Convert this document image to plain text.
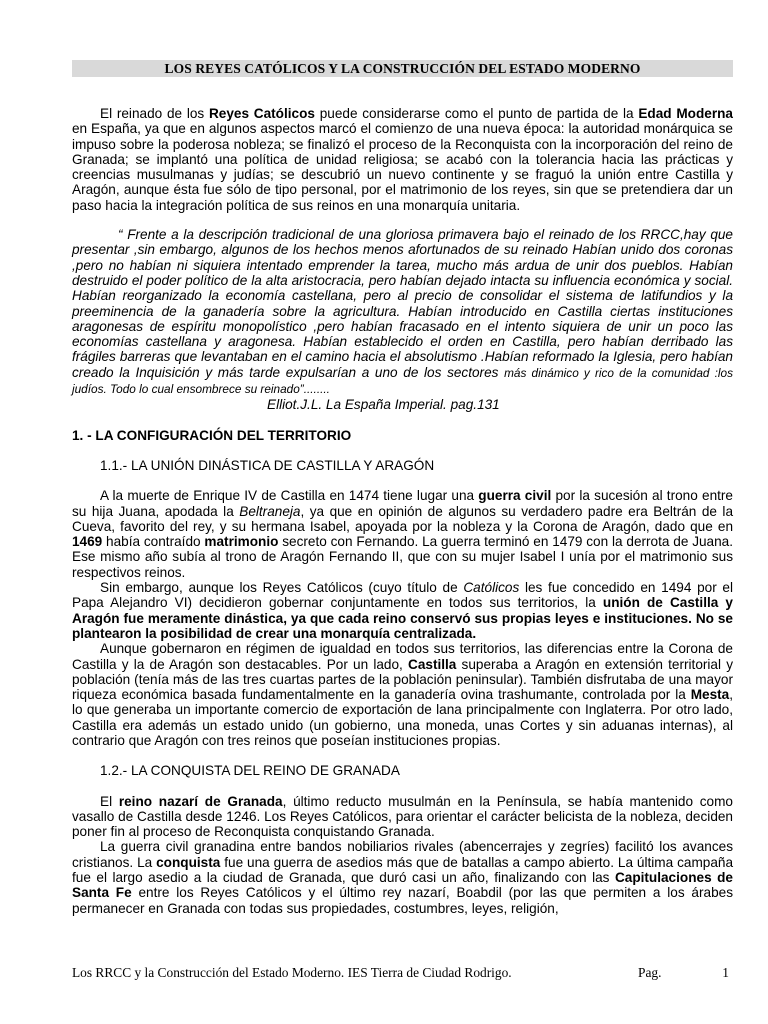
LOS REYES CATÓLICOS Y LA CONSTRUCCIÓN DEL ESTADO MODERNO

El reinado de los Reyes Católicos puede considerarse como el punto de partida de la Edad Moderna en España, ya que en algunos aspectos marcó el comienzo de una nueva época: la autoridad monárquica se impuso sobre la poderosa nobleza; se finalizó el proceso de la Reconquista con la incorporación del reino de Granada; se implantó una política de unidad religiosa; se acabó con la tolerancia hacia las prácticas y creencias musulmanas y judías; se descubrió un nuevo continente y se fraguó la unión entre Castilla y Aragón, aunque ésta fue sólo de tipo personal, por el matrimonio de los reyes, sin que se pretendiera dar un paso hacia la integración política de sus reinos en una monarquía unitaria.

“ Frente a la descripción tradicional de una gloriosa primavera bajo el reinado de los RRCC,hay que presentar ,sin embargo, algunos de los hechos menos afortunados de su reinado Habían unido dos coronas ,pero no habían ni siquiera intentado emprender la tarea, mucho más ardua de unir dos pueblos. Habían destruido el poder político de la alta aristocracia, pero habían dejado intacta su influencia económica y social. Habían reorganizado la economía castellana, pero al precio de consolidar el sistema de latifundios y la preeminencia de la ganadería sobre la agricultura. Habían introducido en Castilla ciertas instituciones aragonesas de espíritu monopolístico ,pero habían fracasado en el intento siquiera de unir un poco las economías castellana y aragonesa. Habían establecido el orden en Castilla, pero habían derribado las frágiles barreras que levantaban en el camino hacia el absolutismo .Habían reformado la Iglesia, pero habían creado la Inquisición y más tarde expulsarían a uno de los sectores más dinámico y rico de la comunidad :los judíos. Todo lo cual ensombrece su reinado”........

Elliot.J.L. La España Imperial. pag.131

1. - LA CONFIGURACIÓN DEL TERRITORIO

1.1.- LA UNIÓN DINÁSTICA DE CASTILLA Y ARAGÓN

A la muerte de Enrique IV de Castilla en 1474 tiene lugar una guerra civil por la sucesión al trono entre su hija Juana, apodada la Beltraneja, ya que en opinión de algunos su verdadero padre era Beltrán de la Cueva, favorito del rey, y su hermana Isabel, apoyada por la nobleza y la Corona de Aragón, dado que en 1469 había contraído matrimonio secreto con Fernando. La guerra terminó en 1479 con la derrota de Juana. Ese mismo año subía al trono de Aragón Fernando II, que con su mujer Isabel I unía por el matrimonio sus respectivos reinos.

Sin embargo, aunque los Reyes Católicos (cuyo título de Católicos les fue concedido en 1494 por el Papa Alejandro VI) decidieron gobernar conjuntamente en todos sus territorios, la unión de Castilla y Aragón fue meramente dinástica, ya que cada reino conservó sus propias leyes e instituciones. No se plantearon la posibilidad de crear una monarquía centralizada.

Aunque gobernaron en régimen de igualdad en todos sus territorios, las diferencias entre la Corona de Castilla y la de Aragón son destacables. Por un lado, Castilla superaba a Aragón en extensión territorial y población (tenía más de las tres cuartas partes de la población peninsular). También disfrutaba de una mayor riqueza económica basada fundamentalmente en la ganadería ovina trashumante, controlada por la Mesta, lo que generaba un importante comercio de exportación de lana principalmente con Inglaterra. Por otro lado, Castilla era además un estado unido (un gobierno, una moneda, unas Cortes y sin aduanas internas), al contrario que Aragón con tres reinos que poseían instituciones propias.

1.2.- LA CONQUISTA DEL REINO DE GRANADA

El reino nazarí de Granada, último reducto musulmán en la Península, se había mantenido como vasallo de Castilla desde 1246. Los Reyes Católicos, para orientar el carácter belicista de la nobleza, deciden poner fin al proceso de Reconquista conquistando Granada.

La guerra civil granadina entre bandos nobiliarios rivales (abencerrajes y zegríes) facilitó los avances cristianos. La conquista fue una guerra de asedios más que de batallas a campo abierto. La última campaña fue el largo asedio a la ciudad de Granada, que duró casi un año, finalizando con las Capitulaciones de Santa Fe entre los Reyes Católicos y el último rey nazarí, Boabdil (por las que permiten a los árabes permanecer en Granada con todas sus propiedades, costumbres, leyes, religión,

Los RRCC y la Construcción del Estado Moderno. IES Tierra de Ciudad Rodrigo.	Pag.	1
